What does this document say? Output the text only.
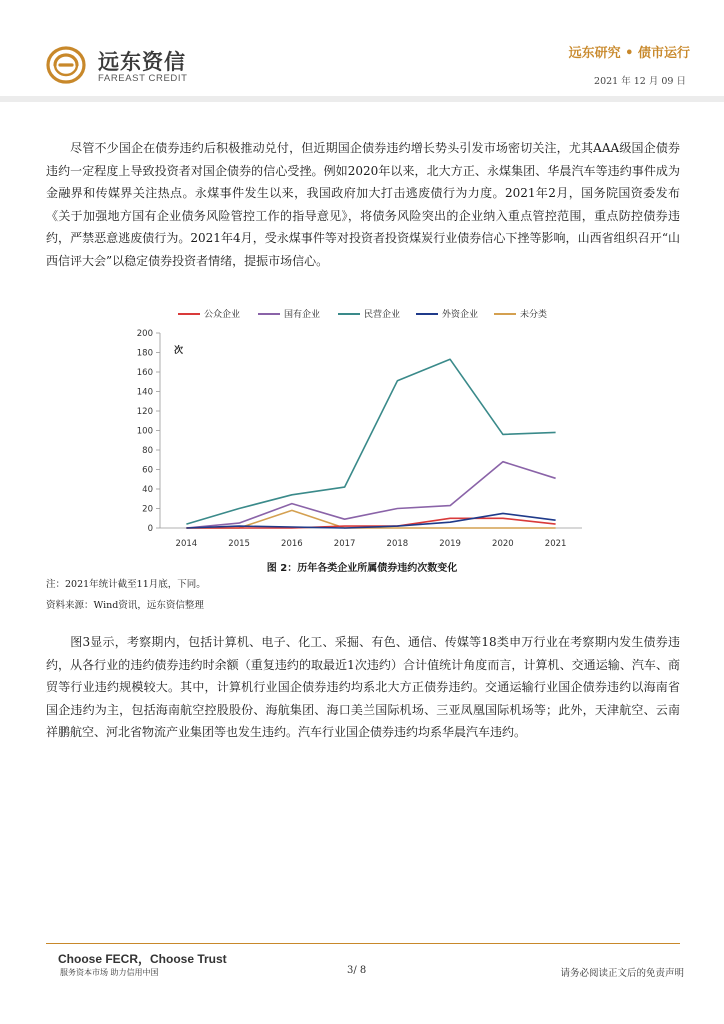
远东资信
FAREAST CREDIT
远东研究 • 债市运行
2021 年 12 月 09 日
尽管不少国企在债券违约后积极推动兑付，但近期国企债券违约增长势头引发市场密切关注，尤其AAA级国企债券违约一定程度上导致投资者对国企债券的信心受挫。例如2020年以来，北大方正、永煤集团、华晨汽车等违约事件成为金融界和传媒界关注热点。永煤事件发生以来，我国政府加大打击逃废债行为力度。2021年2月，国务院国资委发布《关于加强地方国有企业债务风险管控工作的指导意见》，将债务风险突出的企业纳入重点管控范围，重点防控债券违约，严禁恶意逃废债行为。2021年4月，受永煤事件等对投资者投资煤炭行业债券信心下挫等影响，山西省组织召开“山西信评大会”以稳定债券投资者情绪，提振市场信心。
0
20
40
60
80
100
120
140
160
180
200
2014	2015	2016	2017	2018	2019	2020	2021
次
公众企业	国有企业	民营企业	外资企业	未分类
图 2：历年各类企业所属债券违约次数变化
注：2021年统计截至11月底，下同。
资料来源：Wind资讯，远东资信整理
图3显示，考察期内，包括计算机、电子、化工、采掘、有色、通信、传媒等18类申万行业在考察期内发生债券违约，从各行业的违约债券违约时余额（重复违约的取最近1次违约）合计值统计角度而言，计算机、交通运输、汽车、商贸等行业违约规模较大。其中，计算机行业国企债券违约均系北大方正债券违约。交通运输行业国企债券违约以海南省国企违约为主，包括海南航空控股股份、海航集团、海口美兰国际机场、三亚凤凰国际机场等；此外，天津航空、云南祥鹏航空、河北省物流产业集团等也发生违约。汽车行业国企债券违约均系华晨汽车违约。
Choose FECR，Choose Trust
服务资本市场 助力信用中国	3/ 8	请务必阅读正文后的免责声明
